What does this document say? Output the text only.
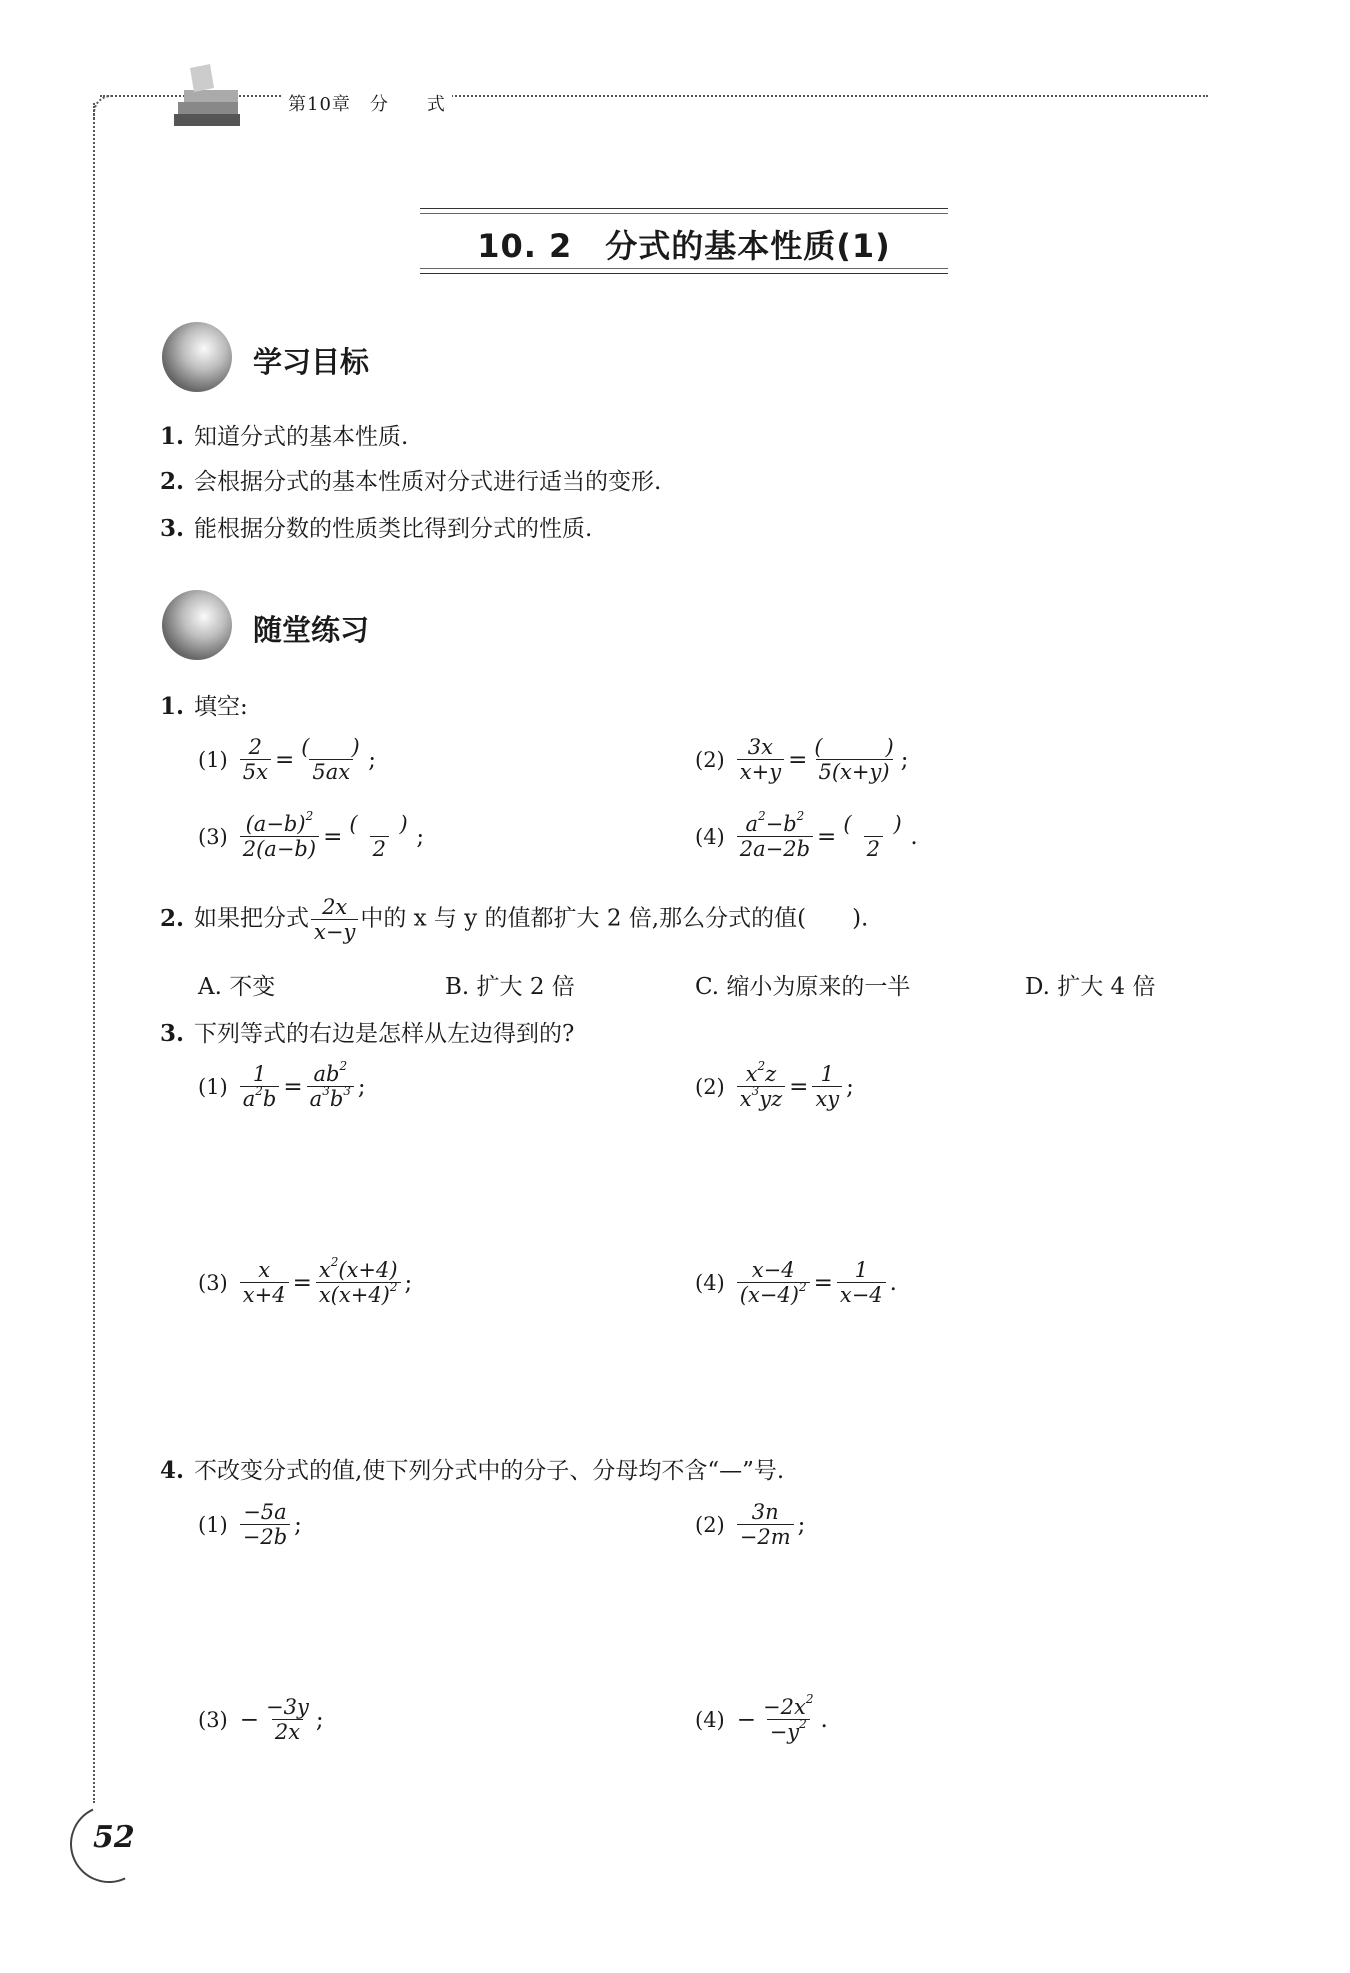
第10章　分　　式
10. 2　分式的基本性质(1)
学习目标
1. 知道分式的基本性质.
2. 会根据分式的基本性质对分式进行适当的变形.
3. 能根据分数的性质类比得到分式的性质.
随堂练习
1. 填空:
$(1) \frac{2}{5x} = \frac{( )}{5ax}$ ;	$(2) \frac{3x}{x+y} = \frac{( )}{5(x+y)}$ ;
$(3) \frac{(a-b)^2}{2(a-b)} = \frac{( )}{2}$ ;	$(4) \frac{a^2-b^2}{2a-2b} = \frac{( )}{2}$ .
2. 如果把分式 $\frac{2x}{x-y}$ 中的 x 与 y 的值都扩大 2 倍,那么分式的值(　　).
A. 不变	B. 扩大 2 倍	C. 缩小为原来的一半	D. 扩大 4 倍
3. 下列等式的右边是怎样从左边得到的?
$(1) \frac{1}{a^2b} = \frac{ab^2}{a^3b^3}$ ;	$(2) \frac{x^2z}{x^3yz} = \frac{1}{xy}$ ;
$(3) \frac{x}{x+4} = \frac{x^2(x+4)}{x(x+4)^2}$ ;	$(4) \frac{x-4}{(x-4)^2} = \frac{1}{x-4}$ .
4. 不改变分式的值,使下列分式中的分子、分母均不含“—”号.
$(1) \frac{-5a}{-2b}$ ;	$(2) \frac{3n}{-2m}$ ;
$(3) - \frac{-3y}{2x}$ ;	$(4) - \frac{-2x^2}{-y^2}$ .
52
